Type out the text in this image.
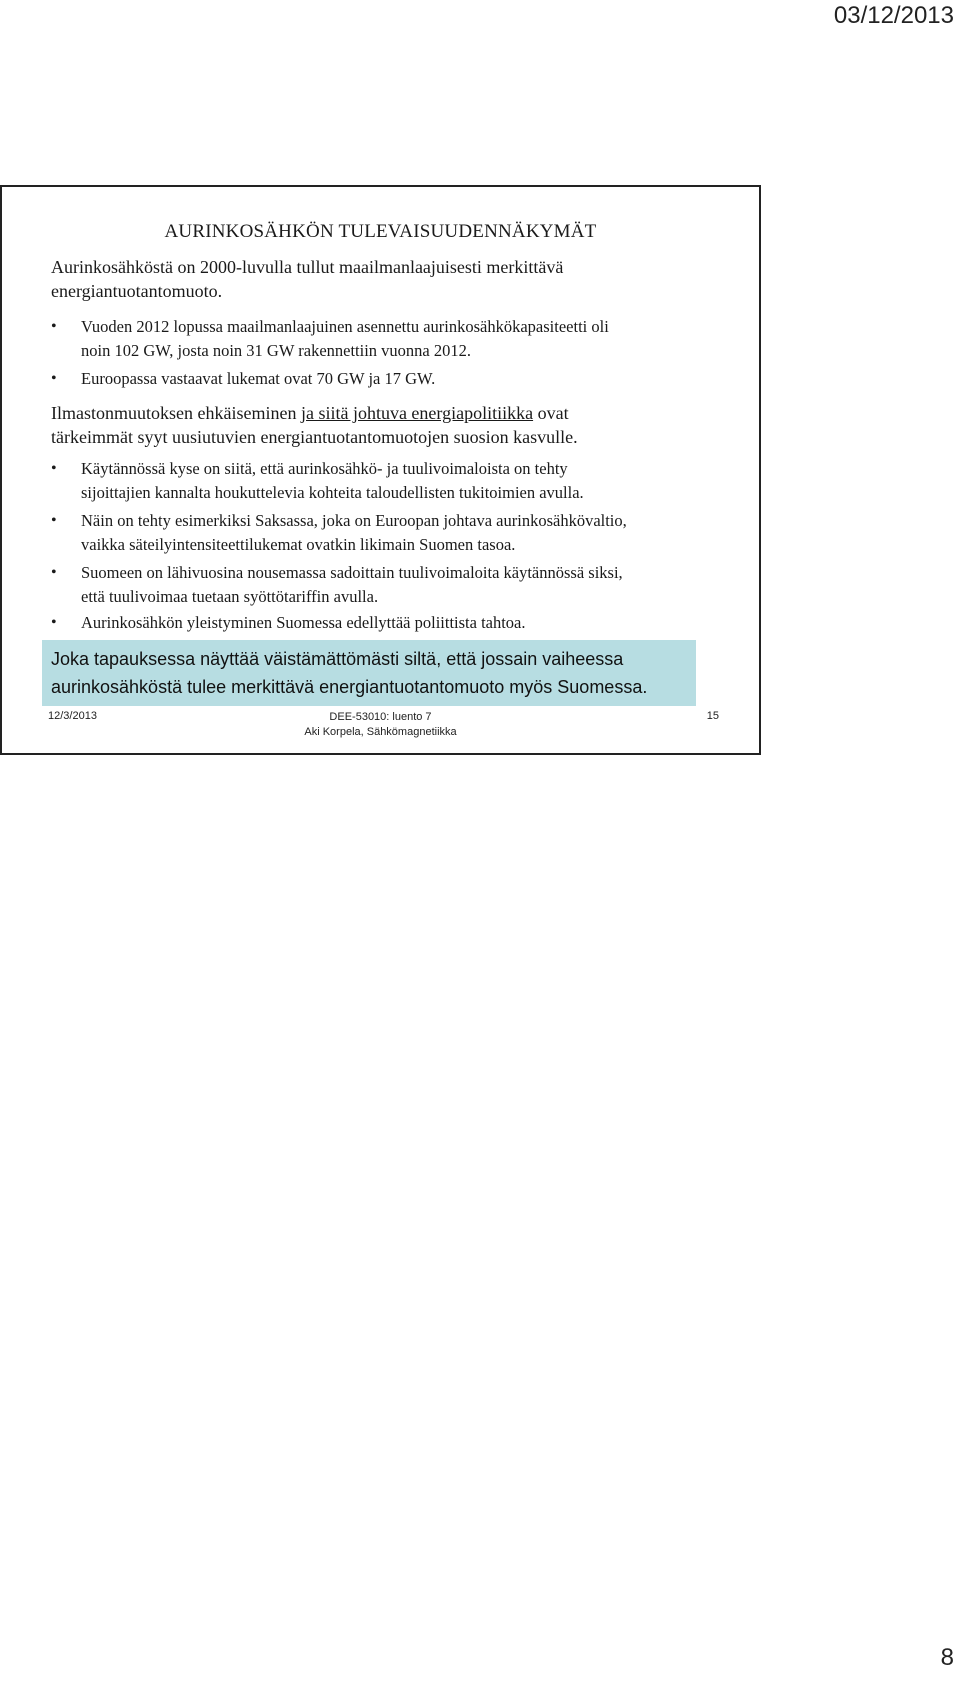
03/12/2013
AURINKOSÄHKÖN TULEVAISUUDENNÄKYMÄT
Aurinkosähköstä on 2000-luvulla tullut maailmanlaajuisesti merkittävä energiantuotantomuoto.
• Vuoden 2012 lopussa maailmanlaajuinen asennettu aurinkosähkökapasiteetti oli
noin 102 GW, josta noin 31 GW rakennettiin vuonna 2012.
• Euroopassa vastaavat lukemat ovat 70 GW ja 17 GW.
Ilmastonmuutoksen ehkäiseminen ja siitä johtuva energiapolitiikka ovat
tärkeimmät syyt uusiutuvien energiantuotantomuotojen suosion kasvulle.
• Käytännössä kyse on siitä, että aurinkosähkö- ja tuulivoimaloista on tehty
sijoittajien kannalta houkuttelevia kohteita taloudellisten tukitoimien avulla.
• Näin on tehty esimerkiksi Saksassa, joka on Euroopan johtava aurinkosähkövaltio,
vaikka säteilyintensiteettilukemat ovatkin likimain Suomen tasoa.
• Suomeen on lähivuosina nousemassa sadoittain tuulivoimaloita käytännössä siksi,
että tuulivoimaa tuetaan syöttötariffin avulla.
• Aurinkosähkön yleistyminen Suomessa edellyttää poliittista tahtoa.
Joka tapauksessa näyttää väistämättömästi siltä, että jossain vaiheessa
aurinkosähköstä tulee merkittävä energiantuotantomuoto myös Suomessa.
12/3/2013	DEE-53010: luento 7
Aki Korpela, Sähkömagnetiikka
15
8
